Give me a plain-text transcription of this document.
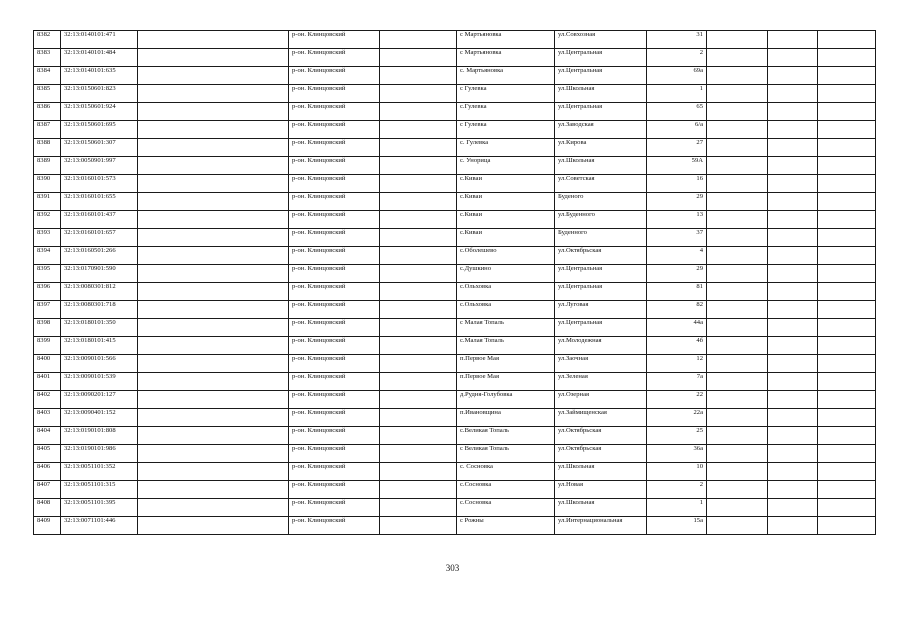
8382	32:13:0140101:471		р-он. Клинцовский		с Мартьяновка	ул.Совхозная	31			
8383	32:13:0140101:484		р-он. Клинцовский		с Мартьяновка	ул.Центральная	2			
8384	32:13:0140101:635		р-он. Клинцовский		с. Мартьяновка	ул.Центральная	69а			
8385	32:13:0150601:823		р-он. Клинцовский		с Гулевка	ул.Школьная	1			
8386	32:13:0150601:924		р-он. Клинцовский		с.Гулевка	ул.Центральная	65			
8387	32:13:0150601:695		р-он. Клинцовский		с Гулевка	ул.Заводская	6/а			
8388	32:13:0150601:307		р-он. Клинцовский		с. Гулевка	ул.Кирова	27			
8389	32:13:0050901:997		р-он. Клинцовский		с. Унорица	ул.Школьная	59А			
8390	32:13:0160101:573		р-он. Клинцовский		с.Киваи	ул.Советская	16			
8391	32:13:0160101:655		р-он. Клинцовский		с.Киваи	Буденого	29			
8392	32:13:0160101:437		р-он. Клинцовский		с.Киваи	ул.Буденного	13			
8393	32:13:0160101:657		р-он. Клинцовский		с.Киваи	Буденного	37			
8394	32:13:0160501:266		р-он. Клинцовский		с.Оболешево	ул.Октябрьская	4			
8395	32:13:0170901:590		р-он. Клинцовский		с.Душкино	ул.Центральная	29			
8396	32:13:0080301:812		р-он. Клинцовский		с.Ольховка	ул.Центральная	81			
8397	32:13:0080301:718		р-он. Клинцовский		с.Ольховка	ул.Луговая	82			
8398	32:13:0180101:350		р-он. Клинцовский		с Малая Топаль	ул.Центральная	44а			
8399	32:13:0180101:415		р-он. Клинцовский		с.Малая Топаль	ул.Молодежная	4б			
8400	32:13:0090101:566		р-он. Клинцовский		п.Первое Мая	ул.Заочная	12			
8401	32:13:0090101:539		р-он. Клинцовский		п.Первое Мая	ул.Зеленая	7а			
8402	32:13:0090201:127		р-он. Клинцовский		д.Рудня-Голубовка	ул.Озерная	22			
8403	32:13:0090401:152		р-он. Клинцовский		п.Ивановщина	ул.Займищенская	22а			
8404	32:13:0190101:808		р-он. Клинцовский		с.Великая Топаль	ул.Октябрьская	25			
8405	32:13:0190101:986		р-он. Клинцовский		с Великая Топаль	ул.Октябрьская	36а			
8406	32:13:0051101:352		р-он. Клинцовский		с. Сосновка	ул.Школьная	10			
8407	32:13:0051101:315		р-он. Клинцовский		с.Сосновка	ул.Новая	2			
8408	32:13:0051101:395		р-он. Клинцовский		с.Сосновка	ул.Школьная	1			
8409	32:13:0071101:446		р-он. Клинцовский		с Рожны	ул.Интернациональная	15а			
303
